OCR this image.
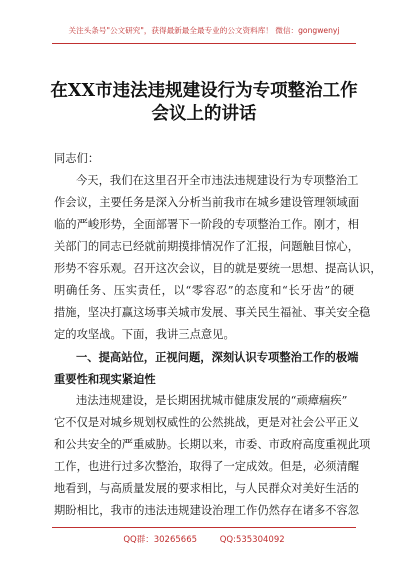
关注头条号"公文研究"，获得最新最全最专业的公文资料库！ 微信：gongwenyj
在XX市违法违规建设行为专项整治工作
会议上的讲话
同志们：
今天，我们在这里召开全市违法违规建设行为专项整治工
作会议，主要任务是深入分析当前我市在城乡建设管理领域面
临的严峻形势，全面部署下一阶段的专项整治工作。刚才，相
关部门的同志已经就前期摸排情况作了汇报，问题触目惊心，
形势不容乐观。召开这次会议，目的就是要统一思想、提高认识，
明确任务、压实责任，以“零容忍”的态度和“长牙齿”的硬
措施，坚决打赢这场事关城市发展、事关民生福祉、事关安全稳
定的攻坚战。下面，我讲三点意见。
一、提高站位，正视问题，深刻认识专项整治工作的极端
重要性和现实紧迫性
违法违规建设，是长期困扰城市健康发展的“顽瘴痼疾”
它不仅是对城乡规划权威性的公然挑战，更是对社会公平正义
和公共安全的严重威胁。长期以来，市委、市政府高度重视此项
工作，也进行过多次整治，取得了一定成效。但是，必须清醒
地看到，与高质量发展的要求相比，与人民群众对美好生活的
期盼相比，我市的违法违规建设治理工作仍然存在诸多不容忽
QQ群：30265665	QQ:535304092
